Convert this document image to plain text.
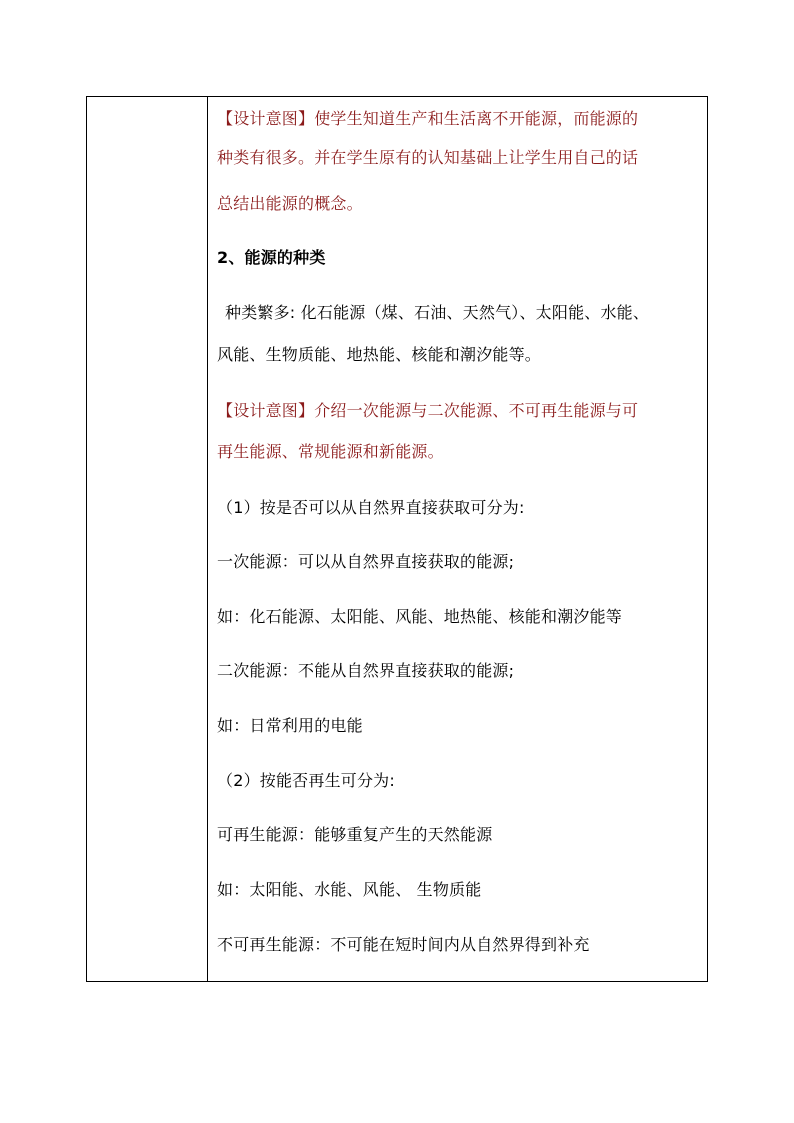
【设计意图】使学生知道生产和生活离不开能源，而能源的
种类有很多。并在学生原有的认知基础上让学生用自己的话
总结出能源的概念。
2、能源的种类
种类繁多: 化石能源（煤、石油、天然气）、太阳能、水能、
风能、生物质能、地热能、核能和潮汐能等。
【设计意图】介绍一次能源与二次能源、不可再生能源与可
再生能源、常规能源和新能源。
（1）按是否可以从自然界直接获取可分为:
一次能源：可以从自然界直接获取的能源;
如：化石能源、太阳能、风能、地热能、核能和潮汐能等
二次能源：不能从自然界直接获取的能源;
如：日常利用的电能
（2）按能否再生可分为:
可再生能源：能够重复产生的天然能源
如：太阳能、水能、风能、 生物质能
不可再生能源：不可能在短时间内从自然界得到补充
